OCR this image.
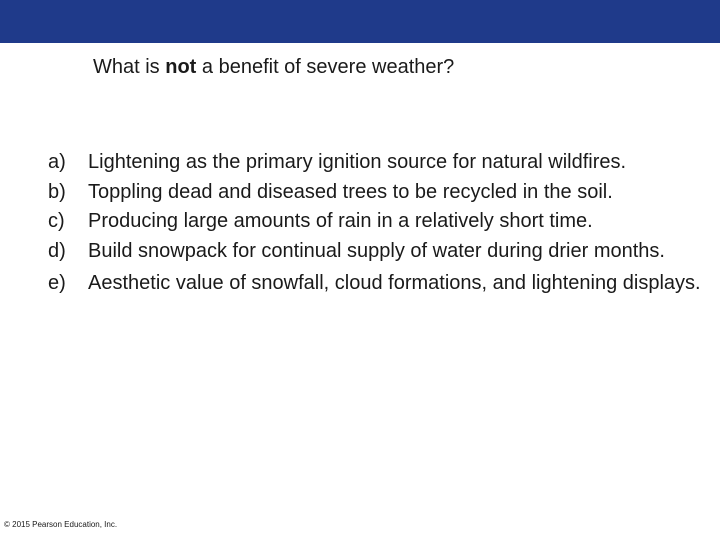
What is not a benefit of severe weather?
a)	Lightening as the primary ignition source for natural wildfires.
b)	Toppling dead and diseased trees to be recycled in the soil.
c)	Producing large amounts of rain in a relatively short time.
d)	Build snowpack for continual supply of water during drier months.
e)	Aesthetic value of snowfall, cloud formations, and lightening displays.
© 2015 Pearson Education, Inc.
